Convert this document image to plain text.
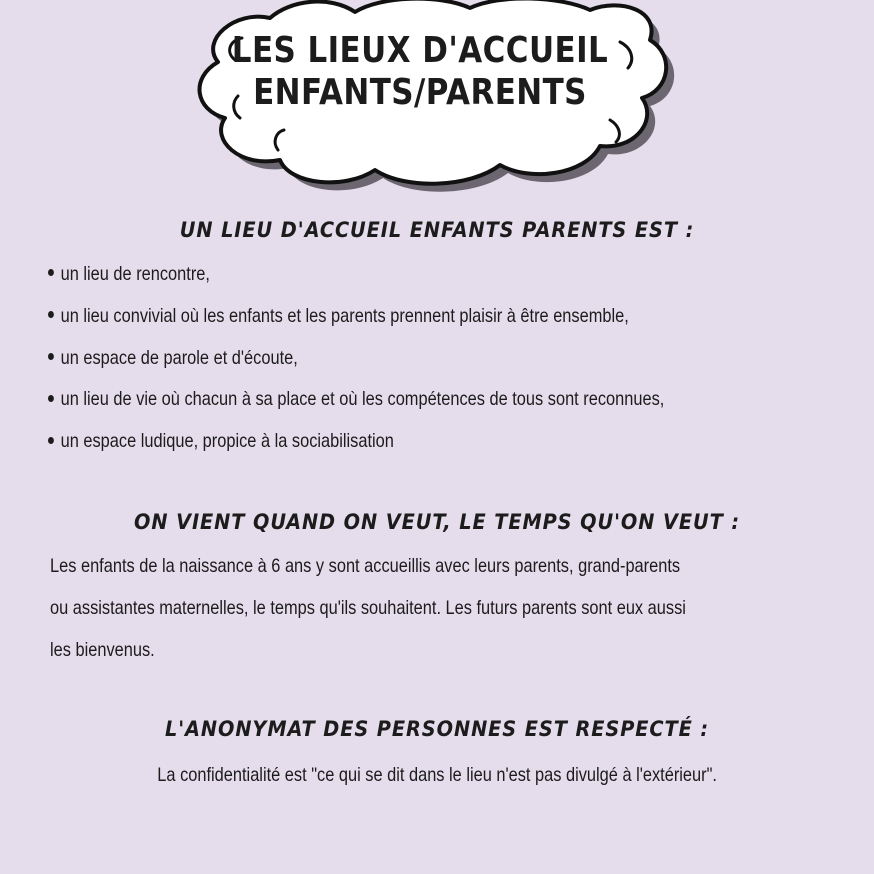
LES LIEUX D'ACCUEIL
ENFANTS/PARENTS
UN LIEU D'ACCUEIL ENFANTS PARENTS EST :
un lieu de rencontre,
un lieu convivial où les enfants et les parents prennent plaisir à être ensemble,
un espace de parole et d'écoute,
un lieu de vie où chacun à sa place et où les compétences de tous sont reconnues,
un espace ludique, propice à la sociabilisation
ON VIENT QUAND ON VEUT, LE TEMPS QU'ON VEUT :
Les enfants de la naissance à 6 ans y sont accueillis avec leurs parents, grand-parents
ou assistantes maternelles, le temps qu'ils souhaitent. Les futurs parents sont eux aussi
les bienvenus.
L'ANONYMAT DES PERSONNES EST RESPECTÉ :
La confidentialité est "ce qui se dit dans le lieu n'est pas divulgé à l'extérieur".
